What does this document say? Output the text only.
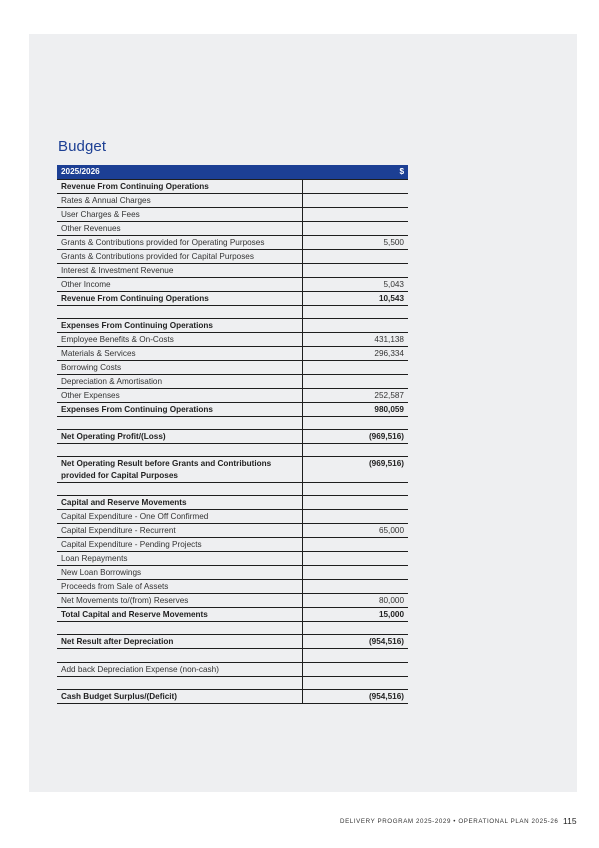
Budget
2025/2026	$
Revenue From Continuing Operations	
Rates & Annual Charges	
User Charges & Fees	
Other Revenues	
Grants & Contributions provided for Operating Purposes	5,500
Grants & Contributions provided for Capital Purposes	
Interest & Investment Revenue	
Other Income	5,043
Revenue From Continuing Operations	10,543

Expenses From Continuing Operations	
Employee Benefits & On-Costs	431,138
Materials & Services	296,334
Borrowing Costs	
Depreciation & Amortisation	
Other Expenses	252,587
Expenses From Continuing Operations	980,059

Net Operating Profit/(Loss)	(969,516)

Net Operating Result before Grants and Contributions provided for Capital Purposes	(969,516)

Capital and Reserve Movements	
Capital Expenditure - One Off Confirmed	
Capital Expenditure - Recurrent	65,000
Capital Expenditure - Pending Projects	
Loan Repayments	
New Loan Borrowings	
Proceeds from Sale of Assets	
Net Movements to/(from) Reserves	80,000
Total Capital and Reserve Movements	15,000

Net Result after Depreciation	(954,516)

Add back Depreciation Expense (non-cash)	

Cash Budget Surplus/(Deficit)	(954,516)
DELIVERY PROGRAM 2025-2029 • OPERATIONAL PLAN 2025-26 115
